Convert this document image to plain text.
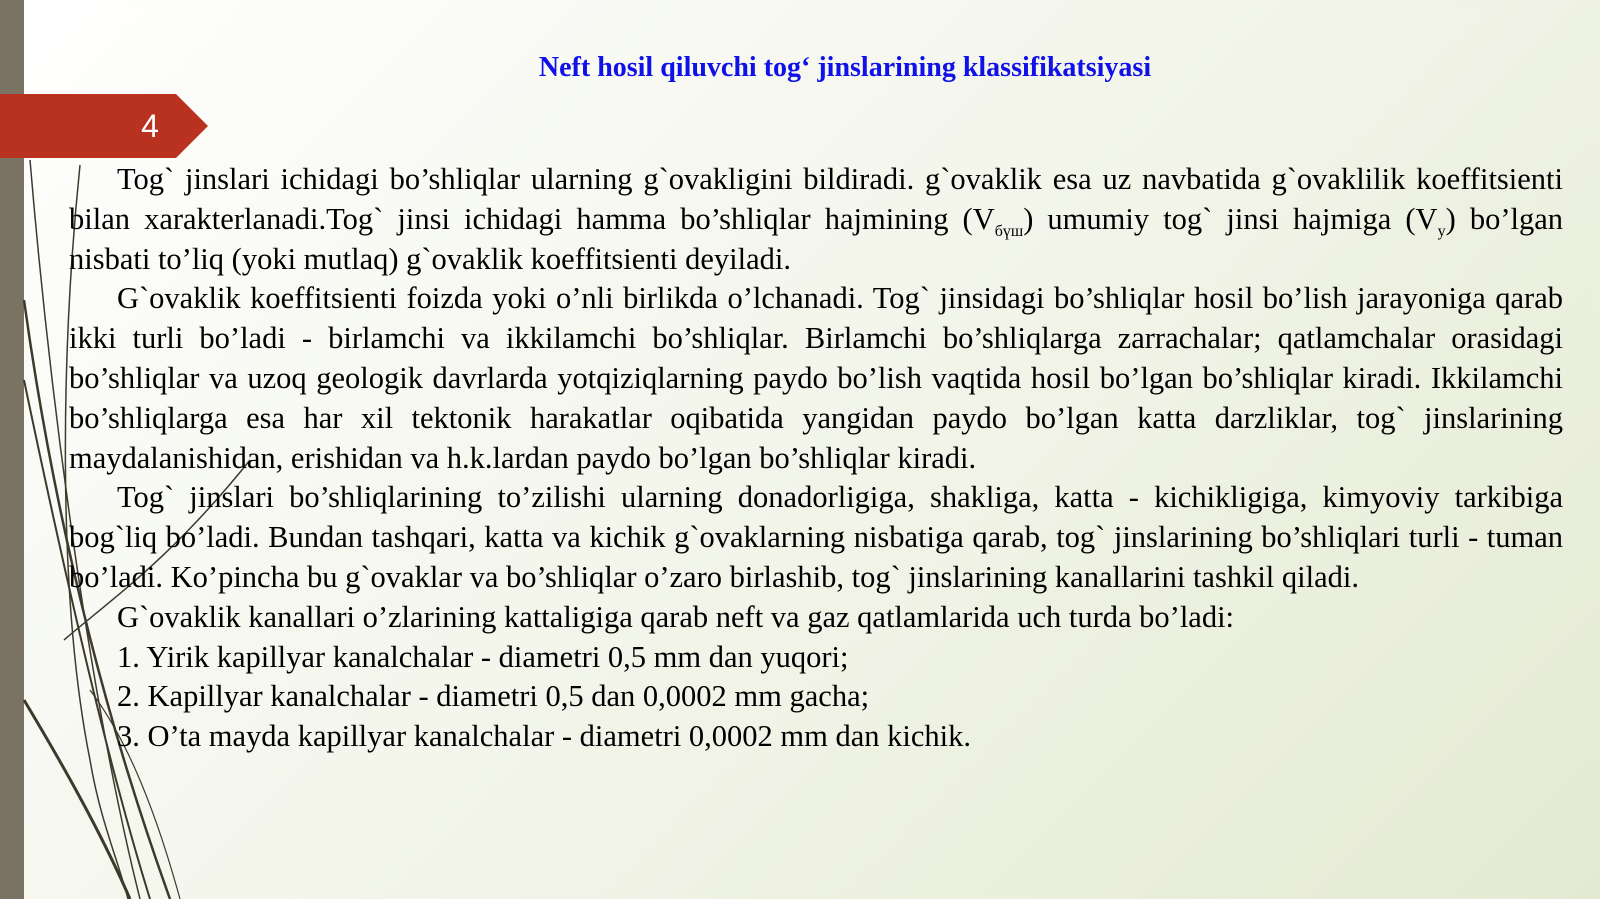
4
Neft hosil qiluvchi tog‘ jinslarining klassifikatsiyasi

Tog` jinslari ichidagi bo’shliqlar ularning g`ovakligini bildiradi. g`ovaklik esa uz navbatida g`ovaklilik koeffitsienti bilan xarakterlanadi.Tog` jinsi ichidagi hamma bo’shliqlar hajmining $(V_{бүш})$ umumiy tog` jinsi hajmiga $(V_y)$ bo’lgan nisbati to’liq (yoki mutlaq) g`ovaklik koeffitsienti deyiladi.

G`ovaklik koeffitsienti foizda yoki o’nli birlikda o’lchanadi. Tog` jinsidagi bo’shliqlar hosil bo’lish jarayoniga qarab ikki turli bo’ladi - birlamchi va ikkilamchi bo’shliqlar. Birlamchi bo’shliqlarga zarrachalar; qatlamchalar orasidagi bo’shliqlar va uzoq geologik davrlarda yotqiziqlarning paydo bo’lish vaqtida hosil bo’lgan bo’shliqlar kiradi. Ikkilamchi bo’shliqlarga esa har xil tektonik harakatlar oqibatida yangidan paydo bo’lgan katta darzliklar, tog` jinslarining maydalanishidan, erishidan va h.k.lardan paydo bo’lgan bo’shliqlar kiradi.

Tog` jinslari bo’shliqlarining to’zilishi ularning donadorligiga, shakliga, katta - kichikligiga, kimyoviy tarkibiga bog`liq bo’ladi. Bundan tashqari, katta va kichik g`ovaklarning nisbatiga qarab, tog` jinslarining bo’shliqlari turli - tuman bo’ladi. Ko’pincha bu g`ovaklar va bo’shliqlar o’zaro birlashib, tog` jinslarining kanallarini tashkil qiladi.

G`ovaklik kanallari o’zlarining kattaligiga qarab neft va gaz qatlamlarida uch turda bo’ladi:

1. Yirik kapillyar kanalchalar - diametri 0,5 mm dan yuqori;

2. Kapillyar kanalchalar - diametri 0,5 dan 0,0002 mm gacha;

3. O’ta mayda kapillyar kanalchalar - diametri 0,0002 mm dan kichik.
